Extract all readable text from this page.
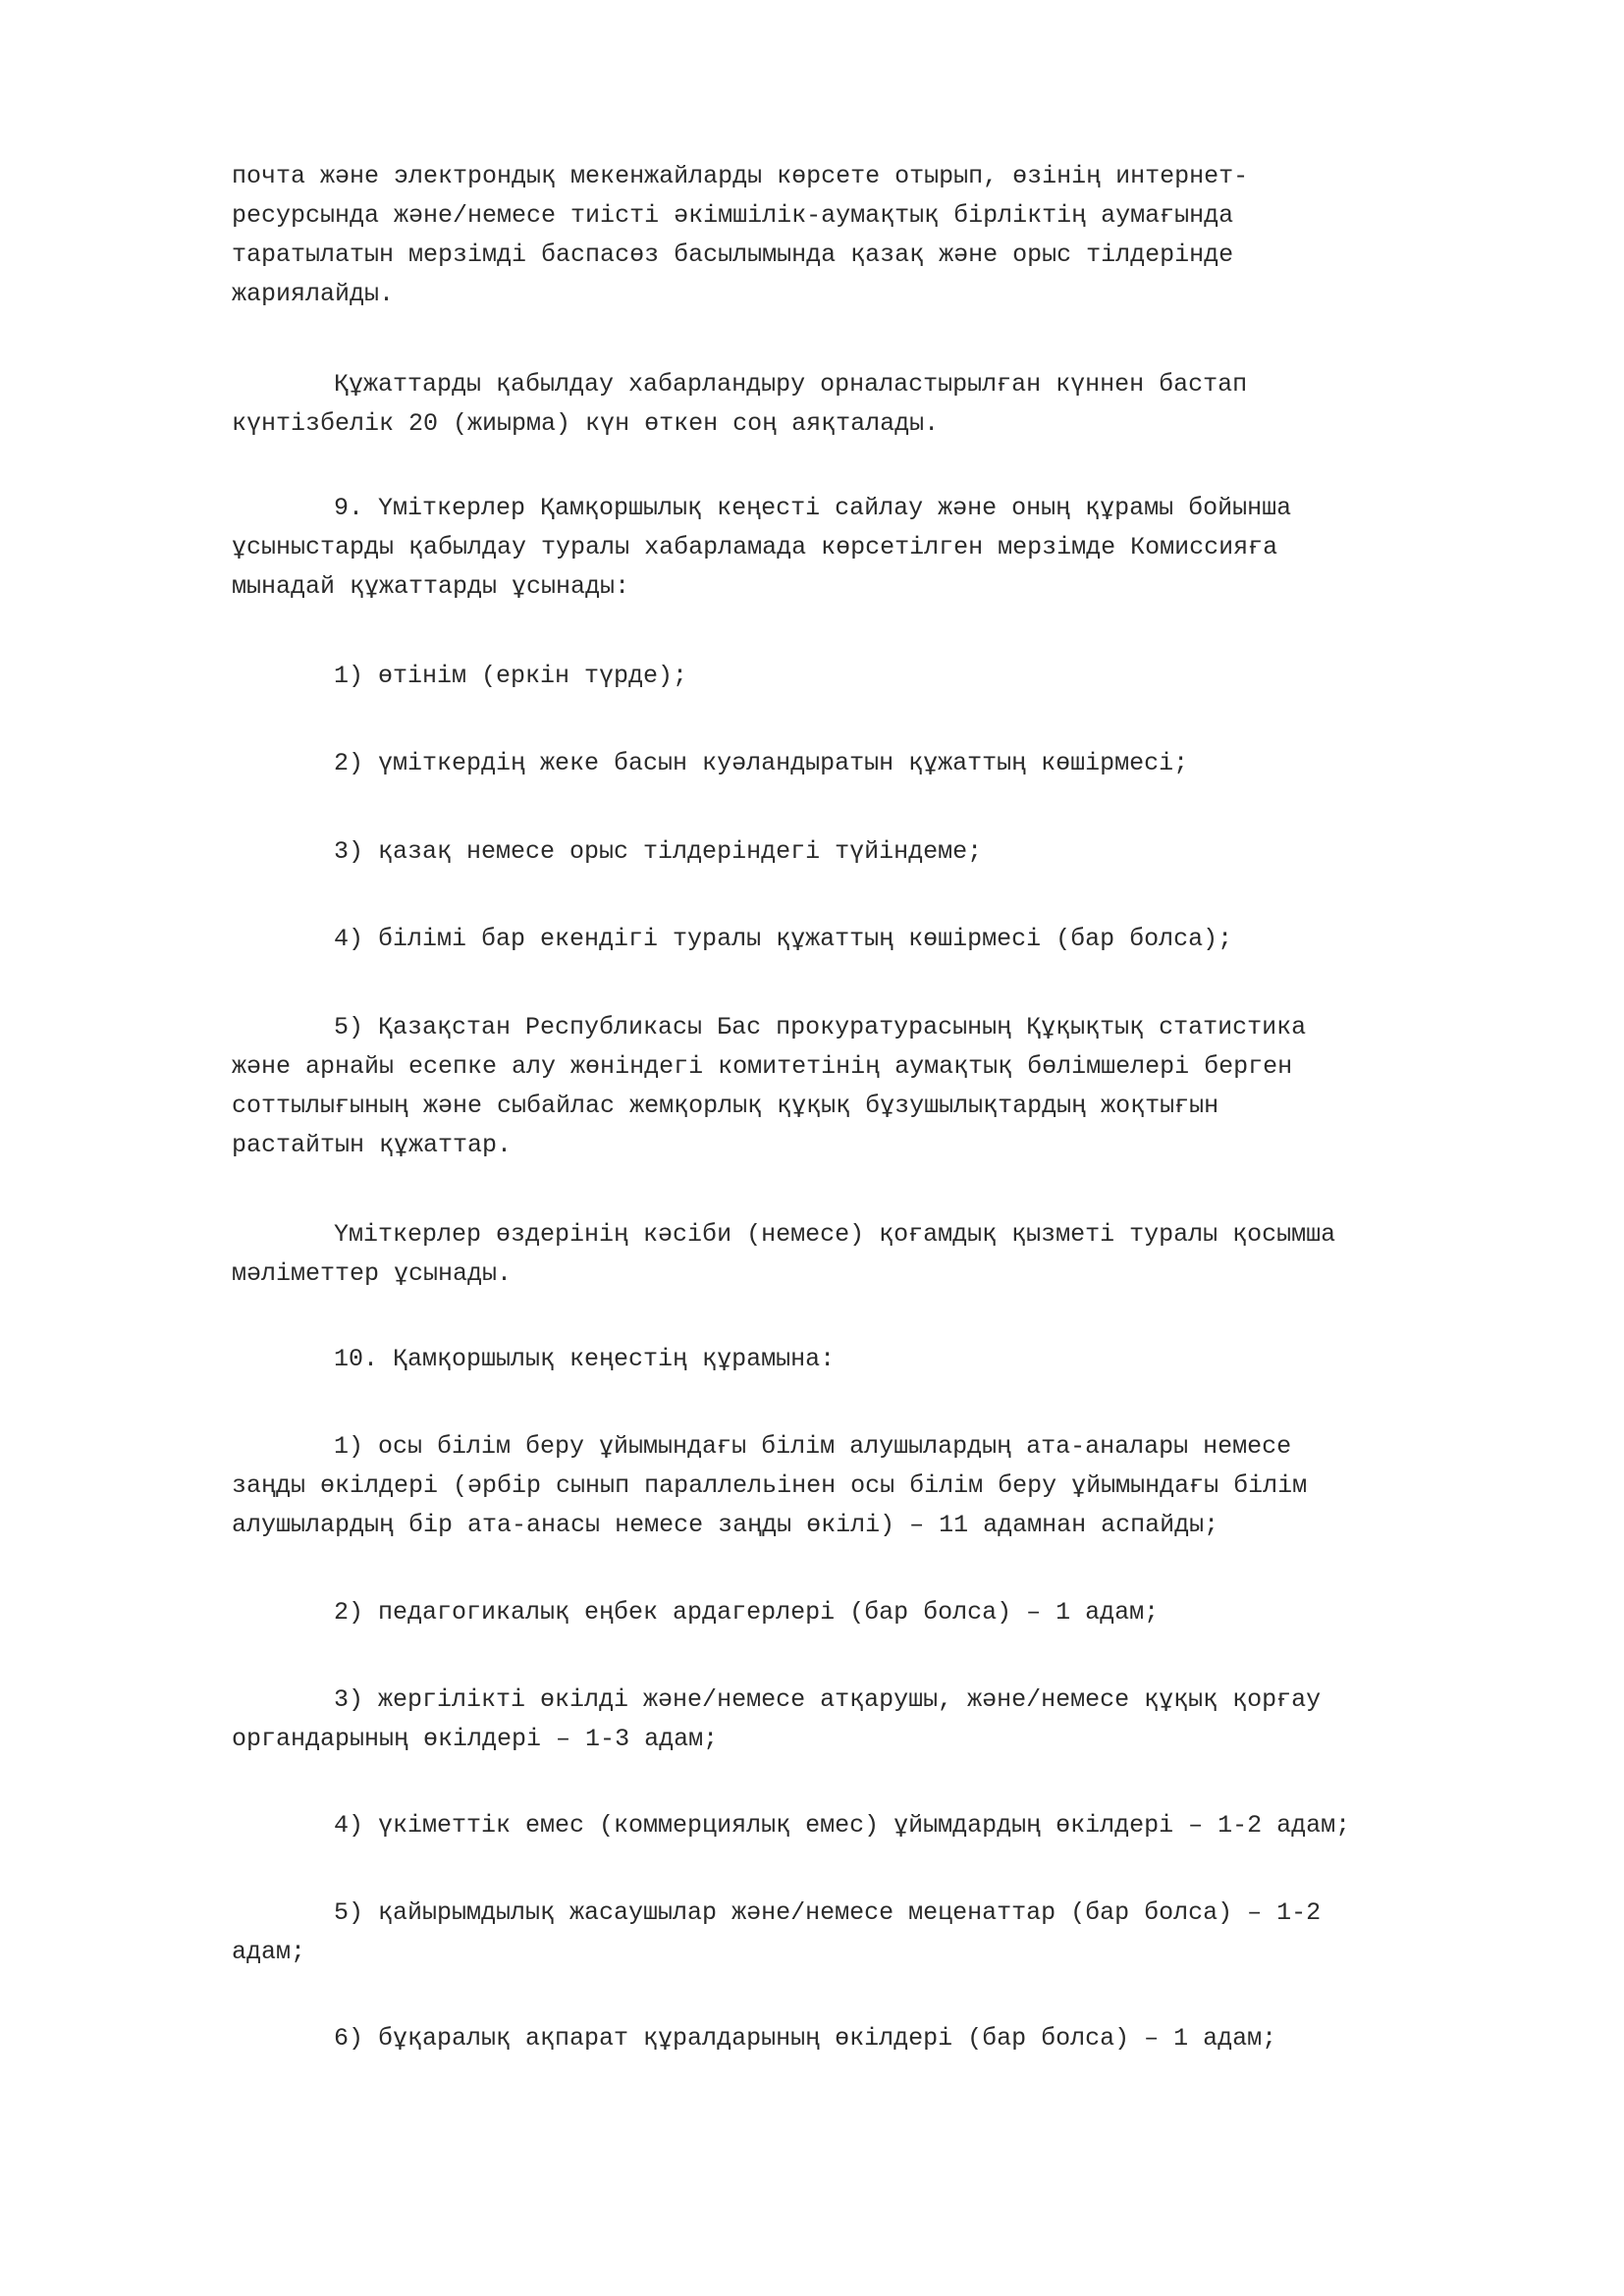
почта және электрондық мекенжайларды көрсете отырып, өзінің интернет-
ресурсында және/немесе тиісті әкімшілік-аумақтық бірліктің аумағында
таратылатын мерзімді баспасөз басылымында қазақ және орыс тілдерінде
жариялайды.
Құжаттарды қабылдау хабарландыру орналастырылған күннен бастап
күнтізбелік 20 (жиырма) күн өткен соң аяқталады.
9. Үміткерлер Қамқоршылық кеңесті сайлау және оның құрамы бойынша
ұсыныстарды қабылдау туралы хабарламада көрсетілген мерзімде Комиссияға
мынадай құжаттарды ұсынады:
1) өтінім (еркін түрде);
2) үміткердің жеке басын куәландыратын құжаттың көшірмесі;
3) қазақ немесе орыс тілдеріндегі түйіндеме;
4) білімі бар екендігі туралы құжаттың көшірмесі (бар болса);
5) Қазақстан Республикасы Бас прокуратурасының Құқықтық статистика
және арнайы есепке алу жөніндегі комитетінің аумақтық бөлімшелері берген
соттылығының және сыбайлас жемқорлық құқық бұзушылықтардың жоқтығын
растайтын құжаттар.
Үміткерлер өздерінің кәсіби (немесе) қоғамдық қызметі туралы қосымша
мәліметтер ұсынады.
10. Қамқоршылық кеңестің құрамына:
1) осы білім беру ұйымындағы білім алушылардың ата-аналары немесе
заңды өкілдері (әрбір сынып параллельінен осы білім беру ұйымындағы білім
алушылардың бір ата-анасы немесе заңды өкілі) – 11 адамнан аспайды;
2) педагогикалық еңбек ардагерлері (бар болса) – 1 адам;
3) жергілікті өкілді және/немесе атқарушы, және/немесе құқық қорғау
органдарының өкілдері – 1-3 адам;
4) үкіметтік емес (коммерциялық емес) ұйымдардың өкілдері – 1-2 адам;
5) қайырымдылық жасаушылар және/немесе меценаттар (бар болса) – 1-2
адам;
6) бұқаралық ақпарат құралдарының өкілдері (бар болса) – 1 адам;
